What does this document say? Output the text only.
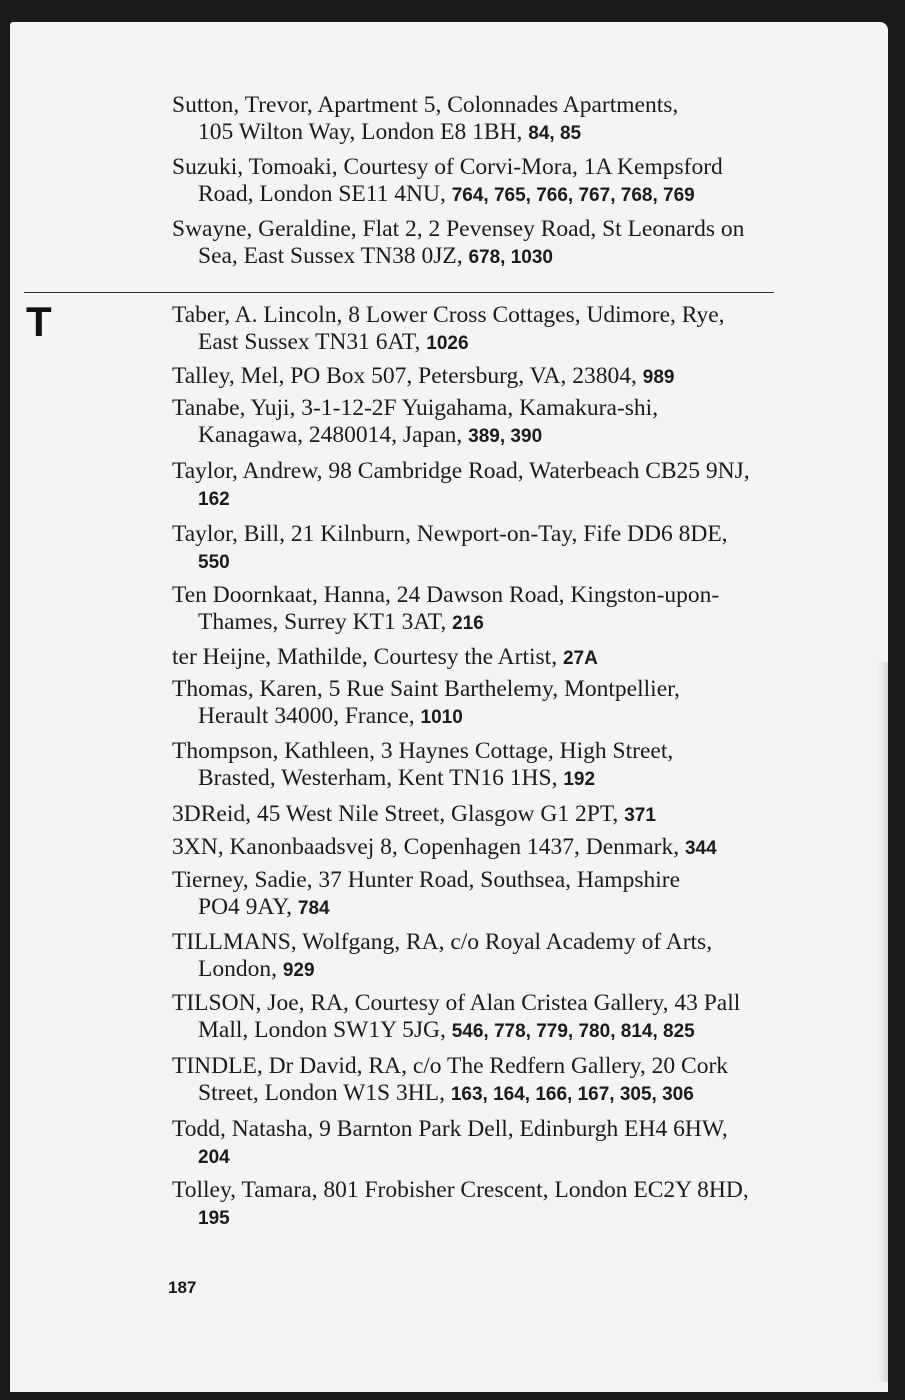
Sutton, Trevor, Apartment 5, Colonnades Apartments,
105 Wilton Way, London E8 1BH, 84, 85
Suzuki, Tomoaki, Courtesy of Corvi-Mora, 1A Kempsford
Road, London SE11 4NU, 764, 765, 766, 767, 768, 769
Swayne, Geraldine, Flat 2, 2 Pevensey Road, St Leonards on
Sea, East Sussex TN38 0JZ, 678, 1030
T	Taber, A. Lincoln, 8 Lower Cross Cottages, Udimore, Rye,
East Sussex TN31 6AT, 1026
Talley, Mel, PO Box 507, Petersburg, VA, 23804, 989
Tanabe, Yuji, 3-1-12-2F Yuigahama, Kamakura-shi,
Kanagawa, 2480014, Japan, 389, 390
Taylor, Andrew, 98 Cambridge Road, Waterbeach CB25 9NJ,
162
Taylor, Bill, 21 Kilnburn, Newport-on-Tay, Fife DD6 8DE,
550
Ten Doornkaat, Hanna, 24 Dawson Road, Kingston-upon-
Thames, Surrey KT1 3AT, 216
ter Heijne, Mathilde, Courtesy the Artist, 27A
Thomas, Karen, 5 Rue Saint Barthelemy, Montpellier,
Herault 34000, France, 1010
Thompson, Kathleen, 3 Haynes Cottage, High Street,
Brasted, Westerham, Kent TN16 1HS, 192
3DReid, 45 West Nile Street, Glasgow G1 2PT, 371
3XN, Kanonbaadsvej 8, Copenhagen 1437, Denmark, 344
Tierney, Sadie, 37 Hunter Road, Southsea, Hampshire
PO4 9AY, 784
TILLMANS, Wolfgang, RA, c/o Royal Academy of Arts,
London, 929
TILSON, Joe, RA, Courtesy of Alan Cristea Gallery, 43 Pall
Mall, London SW1Y 5JG, 546, 778, 779, 780, 814, 825
TINDLE, Dr David, RA, c/o The Redfern Gallery, 20 Cork
Street, London W1S 3HL, 163, 164, 166, 167, 305, 306
Todd, Natasha, 9 Barnton Park Dell, Edinburgh EH4 6HW,
204
Tolley, Tamara, 801 Frobisher Crescent, London EC2Y 8HD,
195
187
